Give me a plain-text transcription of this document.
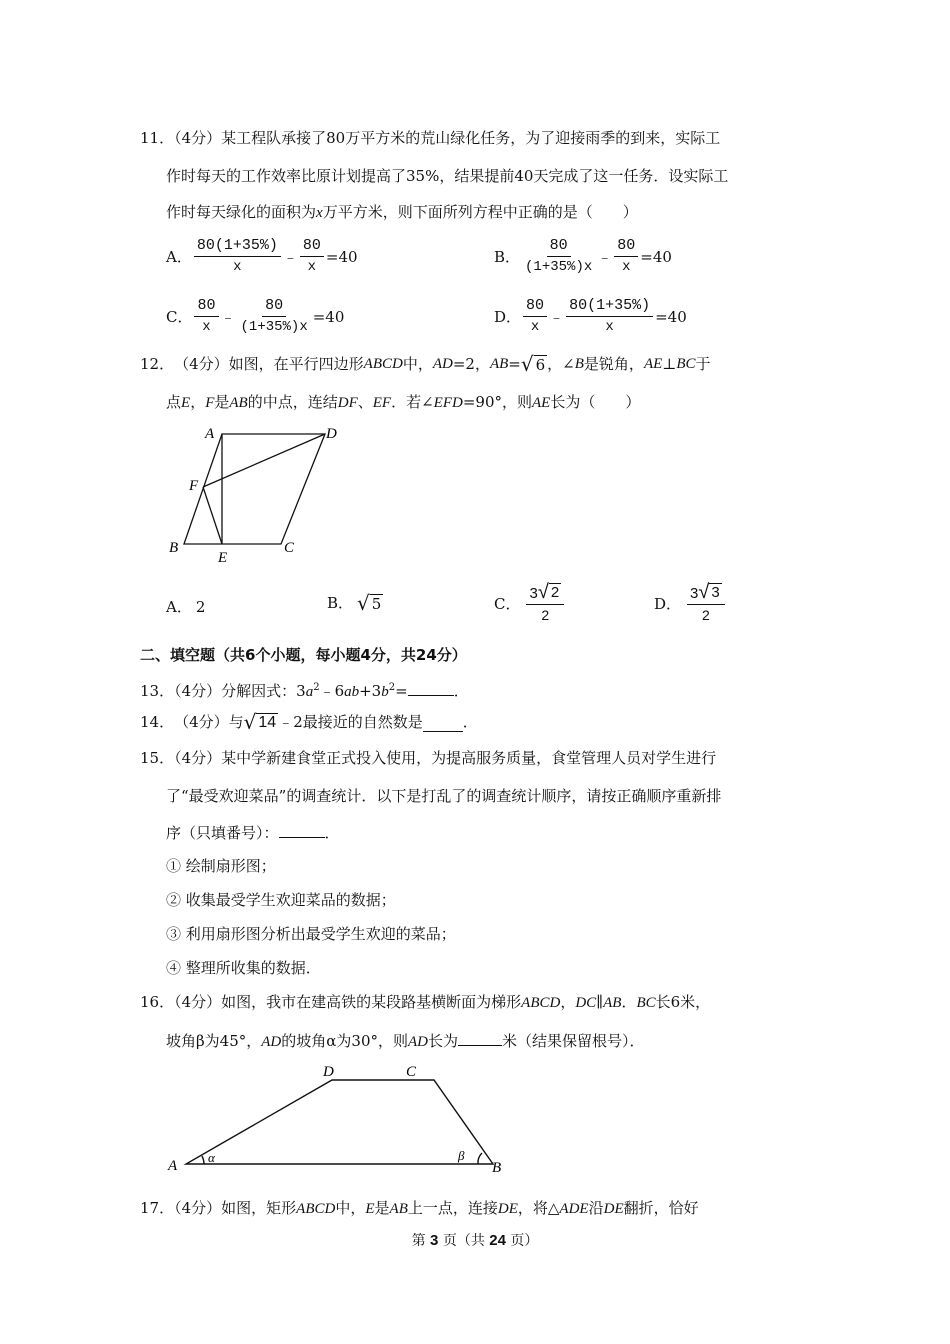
11．（4分）某工程队承接了80万平方米的荒山绿化任务，为了迎接雨季的到来，实际工
作时每天的工作效率比原计划提高了35%，结果提前40天完成了这一任务．设实际工
作时每天绿化的面积为x万平方米，则下面所列方程中正确的是（　　）
A． $\frac{80(1+35\%)}{x}$ ﹣ $\frac{80}{x} =40$	B． $\frac{80}{(1+35\%)x}$ ﹣ $\frac{80}{x} =40$
C． $\frac{80}{x}$ ﹣ $\frac{80}{(1+35\%)x} =40$	D． $\frac{80}{x}$ ﹣ $\frac{80(1+35\%)}{x} =40$
12． （4分） 如图，在平行四边形 ABCD 中， AD =2， AB = √ 6 ，∠ B 是锐角， AE ⊥ BC 于
点E，F是AB的中点，连结DF、EF．若∠EFD=90°，则AE长为（　　）
A	D
F
B
E
C
A． 2	B． √ 5	C． $\frac{3 √ 2}{2}$	D． $\frac{3 √ 3}{2}$
二、填空题（共6个小题，每小题4分，共24分）
13．（4分）分解因式：$3a^2﹣6ab+3b^2=$	．
14． （4分） 与 √ 14 ﹣2最接近的自然数是	．
15．（4分）某中学新建食堂正式投入使用，为提高服务质量，食堂管理人员对学生进行
了“最受欢迎菜品”的调查统计．以下是打乱了的调查统计顺序，请按正确顺序重新排
序（只填番号）：	．
① 绘制扇形图；
② 收集最受学生欢迎菜品的数据；
③ 利用扇形图分析出最受学生欢迎的菜品；
④ 整理所收集的数据．
16．（4分）如图，我市在建高铁的某段路基横断面为梯形ABCD，DC∥AB．BC长6米，
坡角β为45°，AD的坡角α为30°，则AD长为	米（结果保留根号）．
A	B
C
D
α	β
17．（4分）如图，矩形ABCD中，E是AB上一点，连接DE，将△ADE沿DE翻折，恰好
第 3 页（共 24 页）
